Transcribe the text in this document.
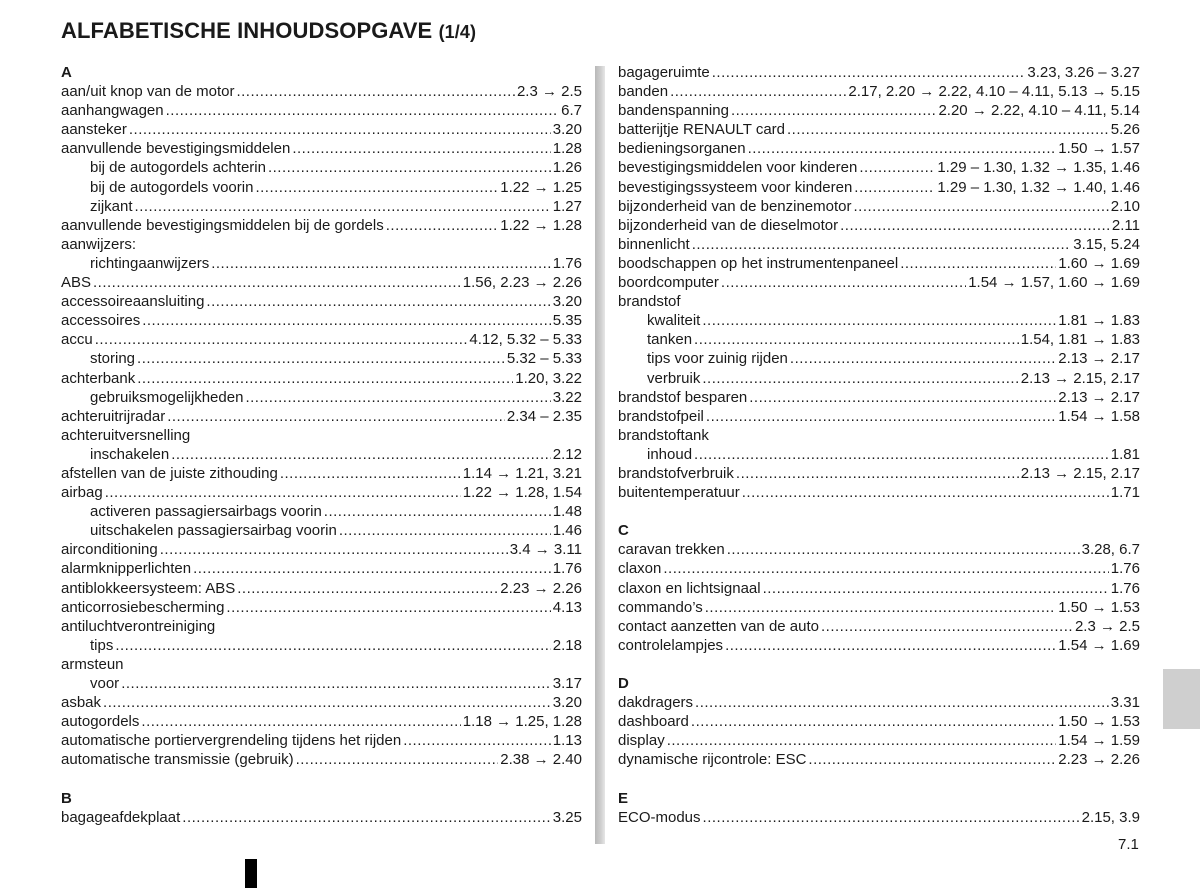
ALFABETISCHE INHOUDSOPGAVE (1/4)
A
aan/uit knop van de motor .....	2.3 → 2.5
aanhangwagen .....	6.7
aansteker .....	3.20
aanvullende bevestigingsmiddelen .....	1.28
bij de autogordels achterin .....	1.26
bij de autogordels voorin .....	1.22 → 1.25
zijkant .....	1.27
aanvullende bevestigingsmiddelen bij de gordels .....	1.22 → 1.28
aanwijzers:
richtingaanwijzers .....	1.76
ABS .....	1.56, 2.23 → 2.26
accessoireaansluiting .....	3.20
accessoires .....	5.35
accu .....	4.12, 5.32 – 5.33
storing .....	5.32 – 5.33
achterbank .....	1.20, 3.22
gebruiksmogelijkheden .....	3.22
achteruitrijradar .....	2.34 – 2.35
achteruitversnelling
inschakelen .....	2.12
afstellen van de juiste zithouding .....	1.14 → 1.21, 3.21
airbag .....	1.22 → 1.28, 1.54
activeren passagiersairbags voorin .....	1.48
uitschakelen passagiersairbag voorin .....	1.46
airconditioning .....	3.4 → 3.11
alarmknipperlichten .....	1.76
antiblokkeersysteem: ABS .....	2.23 → 2.26
anticorrosiebescherming .....	4.13
antiluchtverontreiniging
tips .....	2.18
armsteun
voor .....	3.17
asbak .....	3.20
autogordels .....	1.18 → 1.25, 1.28
automatische portiervergrendeling tijdens het rijden .....	1.13
automatische transmissie (gebruik) .....	2.38 → 2.40
B
bagageafdekplaat .....	3.25
bagageruimte .....	3.23, 3.26 – 3.27
banden .....	2.17, 2.20 → 2.22, 4.10 – 4.11, 5.13 → 5.15
bandenspanning .....	2.20 → 2.22, 4.10 – 4.11, 5.14
batterijtje RENAULT card .....	5.26
bedieningsorganen .....	1.50 → 1.57
bevestigingsmiddelen voor kinderen .....	1.29 – 1.30, 1.32 → 1.35, 1.46
bevestigingssysteem voor kinderen .....	1.29 – 1.30, 1.32 → 1.40, 1.46
bijzonderheid van de benzinemotor .....	2.10
bijzonderheid van de dieselmotor .....	2.11
binnenlicht .....	3.15, 5.24
boodschappen op het instrumentenpaneel .....	1.60 → 1.69
boordcomputer .....	1.54 → 1.57, 1.60 → 1.69
brandstof
kwaliteit .....	1.81 → 1.83
tanken .....	1.54, 1.81 → 1.83
tips voor zuinig rijden .....	2.13 → 2.17
verbruik .....	2.13 → 2.15, 2.17
brandstof besparen .....	2.13 → 2.17
brandstofpeil .....	1.54 → 1.58
brandstoftank
inhoud .....	1.81
brandstofverbruik .....	2.13 → 2.15, 2.17
buitentemperatuur .....	1.71
C
caravan trekken .....	3.28, 6.7
claxon .....	1.76
claxon en lichtsignaal .....	1.76
commando’s .....	1.50 → 1.53
contact aanzetten van de auto .....	2.3 → 2.5
controlelampjes .....	1.54 → 1.69
D
dakdragers .....	3.31
dashboard .....	1.50 → 1.53
display .....	1.54 → 1.59
dynamische rijcontrole: ESC .....	2.23 → 2.26
E
ECO-modus .....	2.15, 3.9
7.1
